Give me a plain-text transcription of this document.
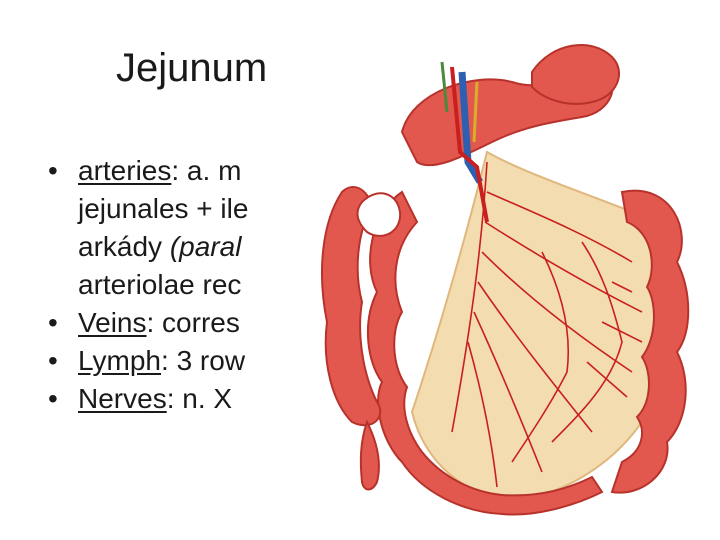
Jejunum
• arteries: a. m
jejunales + ile
arkády (paral
arteriolae rec
• Veins: corres
• Lymph: 3 row
• Nerves: n. X
